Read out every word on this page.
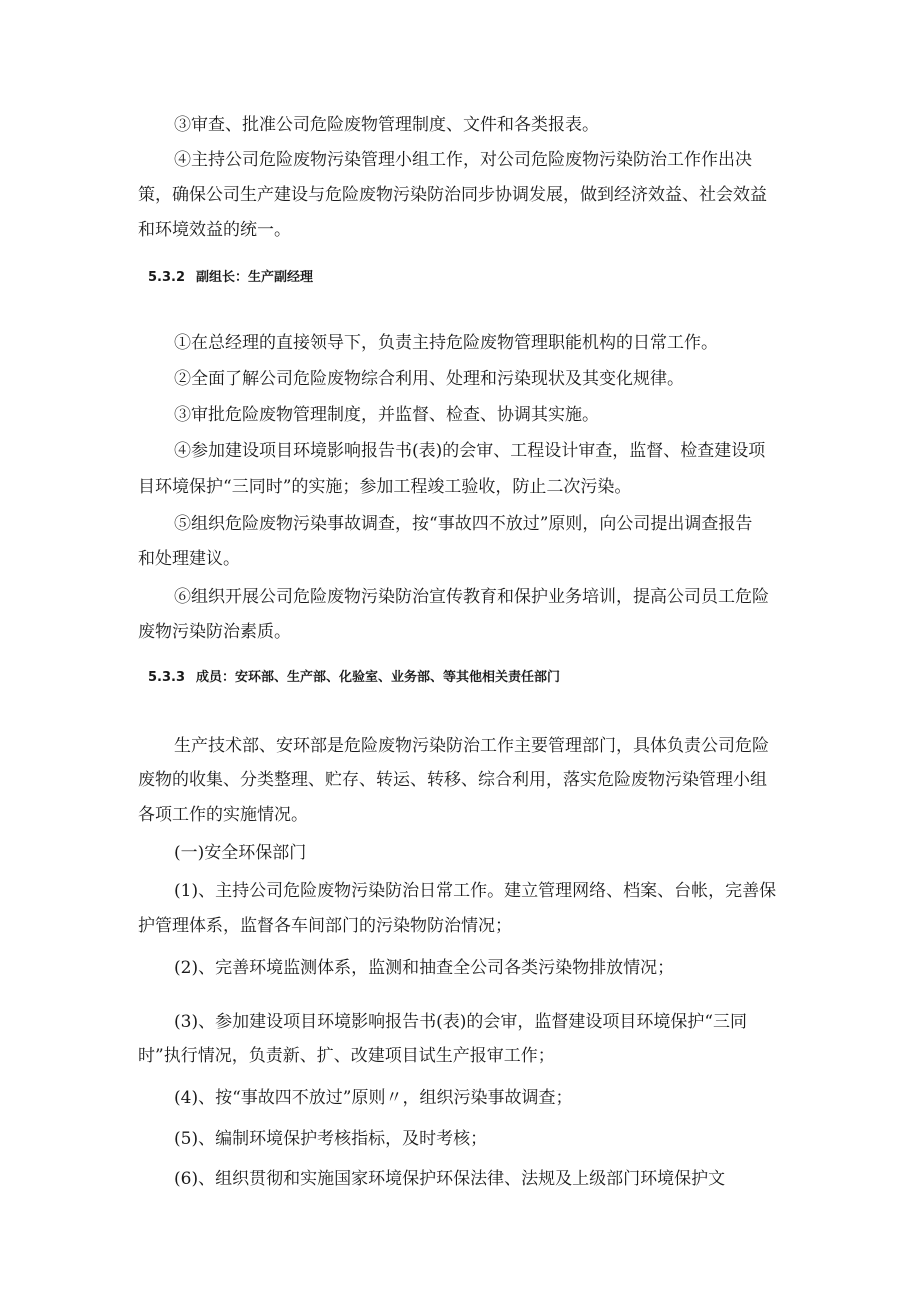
③审查、批准公司危险废物管理制度、文件和各类报表。
④主持公司危险废物污染管理小组工作，对公司危险废物污染防治工作作出决
策，确保公司生产建设与危险废物污染防治同步协调发展，做到经济效益、社会效益
和环境效益的统一。
5.3.2 副组长：生产副经理
①在总经理的直接领导下，负责主持危险废物管理职能机构的日常工作。
②全面了解公司危险废物综合利用、处理和污染现状及其变化规律。
③审批危险废物管理制度，并监督、检查、协调其实施。
④参加建设项目环境影响报告书(表)的会审、工程设计审查，监督、检查建设项
目环境保护“三同时”的实施；参加工程竣工验收，防止二次污染。
⑤组织危险废物污染事故调查，按“事故四不放过”原则，向公司提出调查报告
和处理建议。
⑥组织开展公司危险废物污染防治宣传教育和保护业务培训，提高公司员工危险
废物污染防治素质。
5.3.3 成员：安环部、生产部、化验室、业务部、等其他相关责任部门
生产技术部、安环部是危险废物污染防治工作主要管理部门，具体负责公司危险
废物的收集、分类整理、贮存、转运、转移、综合利用，落实危险废物污染管理小组
各项工作的实施情况。
(一)安全环保部门
(1)、主持公司危险废物污染防治日常工作。建立管理网络、档案、台帐，完善保
护管理体系，监督各车间部门的污染物防治情况；
(2)、完善环境监测体系，监测和抽查全公司各类污染物排放情况；
(3)、参加建设项目环境影响报告书(表)的会审，监督建设项目环境保护“三同
时”执行情况，负责新、扩、改建项目试生产报审工作；
(4)、按“事故四不放过”原则〃，组织污染事故调查；
(5)、编制环境保护考核指标，及时考核；
(6)、组织贯彻和实施国家环境保护环保法律、法规及上级部门环境保护文
